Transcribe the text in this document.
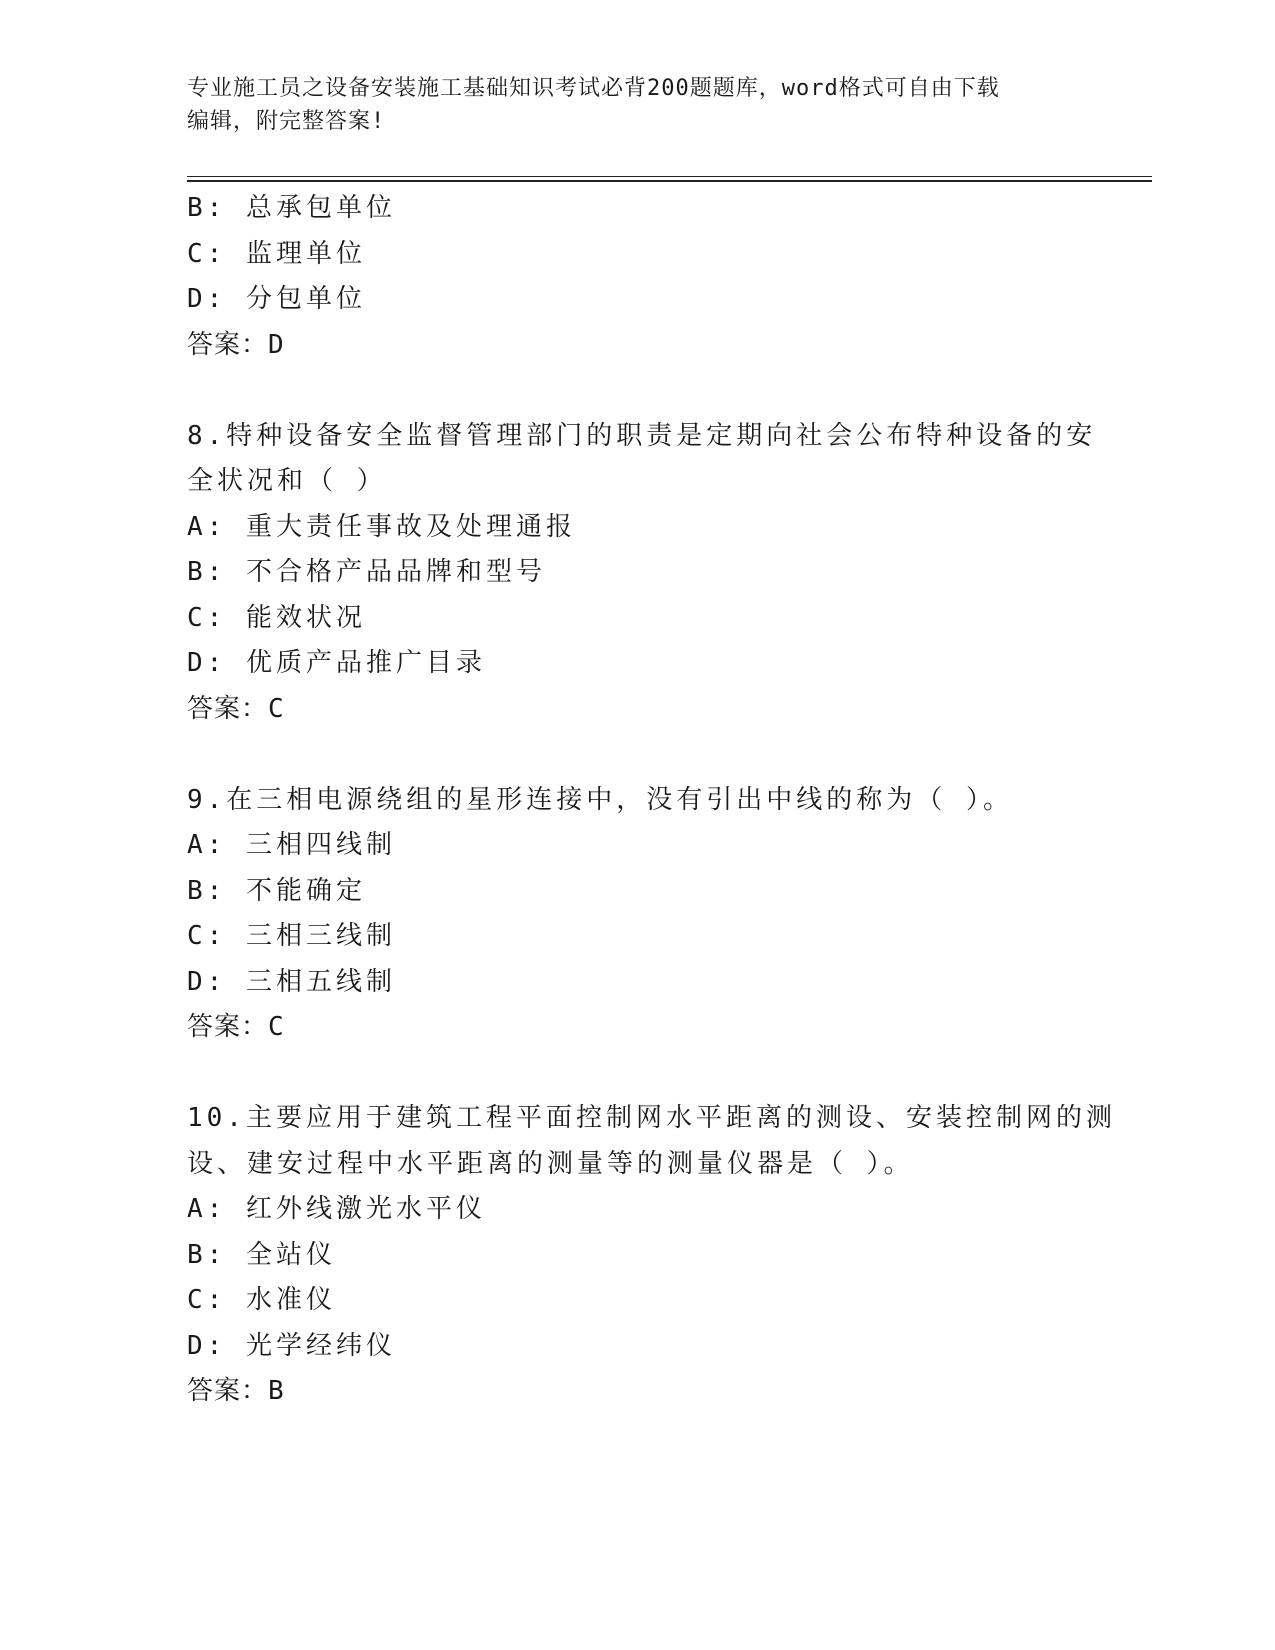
专业施工员之设备安装施工基础知识考试必背200题题库，word格式可自由下载
编辑，附完整答案!
B: 总承包单位
C: 监理单位
D: 分包单位
答案：D
8.特种设备安全监督管理部门的职责是定期向社会公布特种设备的安
全状况和（ ）
A: 重大责任事故及处理通报
B: 不合格产品品牌和型号
C: 能效状况
D: 优质产品推广目录
答案：C
9.在三相电源绕组的星形连接中，没有引出中线的称为（ ）。
A: 三相四线制
B: 不能确定
C: 三相三线制
D: 三相五线制
答案：C
10.主要应用于建筑工程平面控制网水平距离的测设、安装控制网的测
设、建安过程中水平距离的测量等的测量仪器是（ ）。
A: 红外线激光水平仪
B: 全站仪
C: 水准仪
D: 光学经纬仪
答案：B
